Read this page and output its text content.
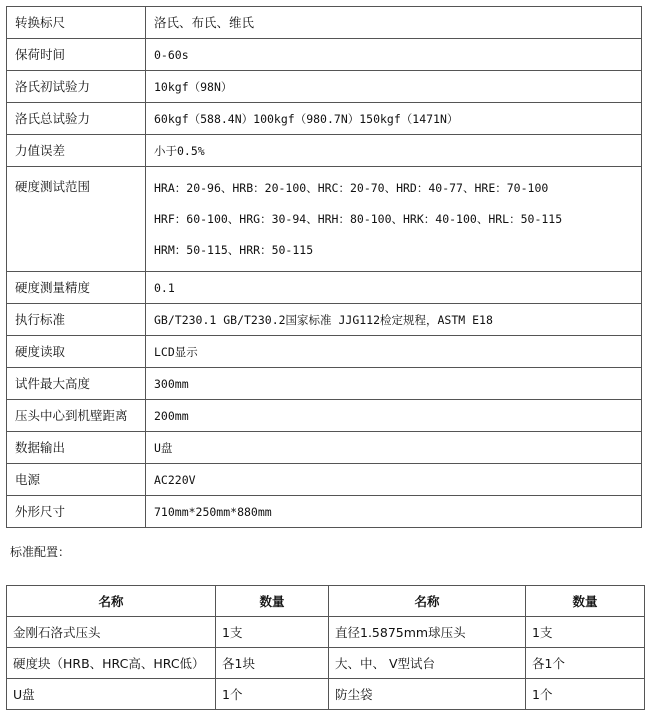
转换标尺	洛氏、布氏、维氏
保荷时间	0-60s
洛氏初试验力	10kgf（98N）
洛氏总试验力	60kgf（588.4N）100kgf（980.7N）150kgf（1471N）
力值误差	小于0.5%
硬度测试范围	HRA：20-96、HRB：20-100、HRC：20-70、HRD：40-77、HRE：70-100
HRF：60-100、HRG：30-94、HRH：80-100、HRK：40-100、HRL：50-115
HRM：50-115、HRR：50-115

硬度测量精度	0.1
执行标准	GB/T230.1 GB/T230.2国家标准 JJG112检定规程，ASTM E18
硬度读取	LCD显示
试件最大高度	300mm
压头中心到机壁距离	200mm
数据输出	U盘
电源	AC220V
外形尺寸	710mm*250mm*880mm
标准配置：
名称	数量	名称	数量
金刚石洛式压头	1支	直径1.5875mm球压头	1支
硬度块（HRB、HRC高、HRC低）	各1块	大、中、 V型试台	各1个
U盘	1个	防尘袋	1个
